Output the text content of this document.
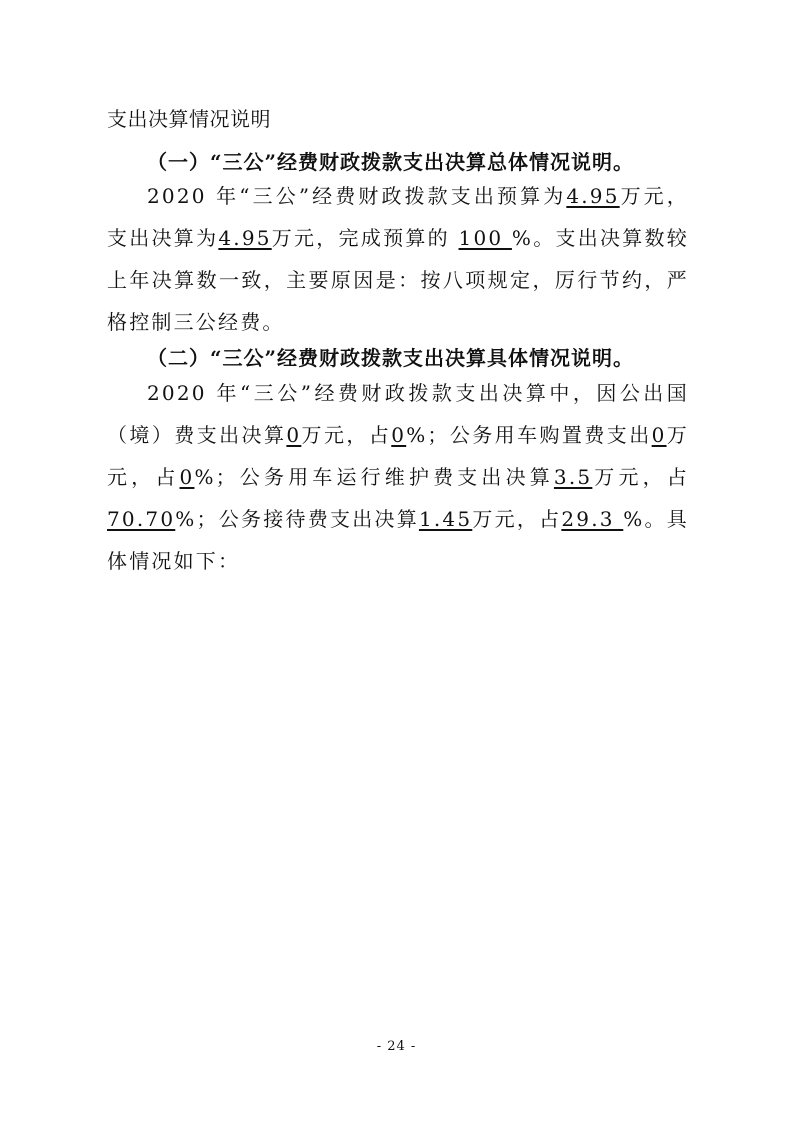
支出决算情况说明
（一）“三公”经费财政拨款支出决算总体情况说明。
2020 年“三公”经费财政拨款支出预算为4.95万元，支出决算为4.95万元，完成预算的 100 %。支出决算数较上年决算数一致，主要原因是：按八项规定，厉行节约，严格控制三公经费。
（二）“三公”经费财政拨款支出决算具体情况说明。
2020 年“三公”经费财政拨款支出决算中，因公出国（境）费支出决算0万元，占0%；公务用车购置费支出0万元，占0%；公务用车运行维护费支出决算3.5万元，占70.70%；公务接待费支出决算1.45万元，占29.3 %。具体情况如下：
- 24 -
